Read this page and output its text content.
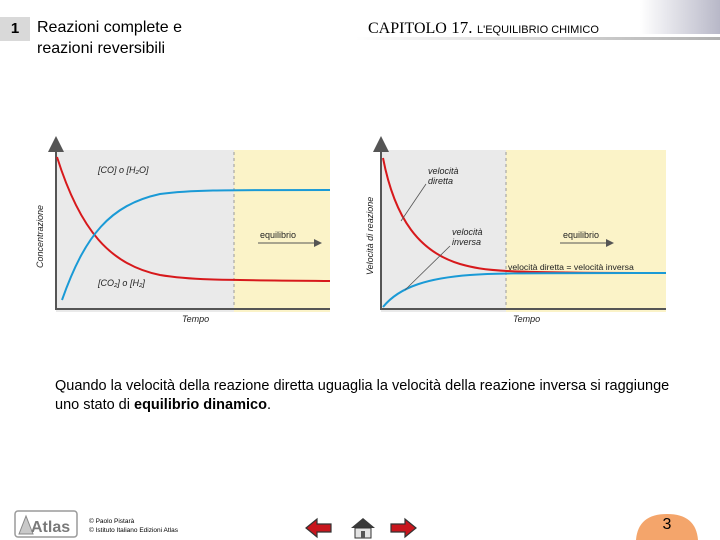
1	Reazioni complete e
reazioni reversibili
CAPITOLO 17. L'EQUILIBRIO CHIMICO
[CO] o [H₂O]
[CO₂] o [H₂]
equilibrio
Tempo
Concentrazione
velocità
diretta
velocità
inversa
equilibrio
velocità diretta = velocità inversa
Tempo
Velocità di reazione
Quando la velocità della reazione diretta uguaglia la velocità della reazione inversa si raggiunge uno stato di equilibrio dinamico.
Atlas	© Paolo Pistarà
© Istituto Italiano Edizioni Atlas	3
